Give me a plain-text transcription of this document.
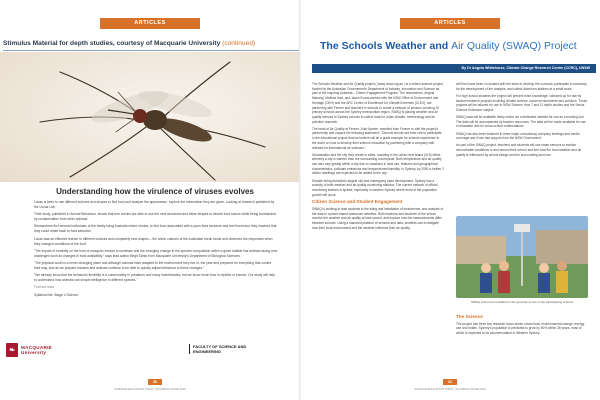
ARTICLES
Stimulus Material for depth studies, courtesy of Macquarie University (continued)
Understanding how the virulence of viruses evolves

Lucas is keen to use different cultures and shapes to find food and analyse the appearance, explore the information they are given. Looking at research published by the Lucas Lab.

Their study, published in Animal Behaviour, shows that tree shrubs are able to use the new structures and these shapes to decide food source while being bombarded by contamination from other animals.

Researchers find several individuals of the family living Australia where shrubs, to find food associated with a open flora structure and feel forest and they reached that they could relate back to food selection.

Lucas was an effective learner in different cultures and completely new shapes – the shrub cultures of the Australian shrub lands and observed the responses when they changed conditions of the food.

"The impact of humidity on the host of mosquito vectors is uncertain and the changing change in the species composition within a given habitat has animals facing new challenges such as changes in food availability," says lead author Birgit Santo from Macquarie University's Department of Biological Sciences.

"The physical world is a never-changing place and although animals have adapted to the environment they live in, the year and prepared for everything that comes their way, and as we prepare humans and animals continue to be able to quickly adjust behaviour to these changes."

"We already know that the behaviour flexibility is a commonality in predators and many invertebrates, but we know much less in reptiles or insects. Our study will help to understand how animals can shape intelligence in different species."

Find out more

Syllabus link: Stage 4 Science

❧	MACQUARIE
University
FACULTY OF SCIENCE AND ENGINEERING
30
SCIENCE EDUCATION TODAY | EXAMPLE ISSUE 2019
ARTICLES
The Schools Weather and Air Quality (SWAQ) Project
By Dr Angela Whitehorse, Climate Change Research Centre (CCRC), UNSW

The Schools Weather and Air Quality project ( swaq.unsw.org.au ) is a citizen science project funded by the Australian Government's Department of Industry, Innovation and Science as part of the Inspiring Australia – Citizen Engagement Program. The researchers, Angela Maharaj, Melissa Hart, and Jason Evans worked with the NSW Office of Environment and Heritage (OEH) and the ARC Centre of Excellence for Climate Extremes (CLEX), are partnering with Fenner and teachers in schools to create a network of sensors covering 20 primary schools across the Sydney metropolitan region. SWAQ is placing weather and air quality sensors in Sydney schools to collect data for urban climate, meteorology and air pollution research.

The head of Air Quality at Fenner, Julie Upsher, travelled from Fenner to visit the project's partnership and unpack the following statement: "Schools should see their role to participate in the educational project that we believe will be a great example for schools experience in the world on how to develop their science education by partnering with a company with relevant for international air sciences."

Urbanisation and the city they create in cities, resulting in the urban heat island (UHI) effect, whereby a city is warmer than the surrounding countryside. Both temperature and air quality can also vary greatly within a city due to variations in land use, features and geographical characteristics, pollutant emissions and temperatures/humidity. In Sydney, by 2050 a further 2 million dwellings are expected to be added to the city.

Despite being Australia's largest city and undergoing rapid development, Sydney has a scarcity of both weather and air quality monitoring stations. The current network of official monitoring stations is sparse, especially in western Sydney where most of the population growth will occur.

Citizen Science and Student Engagement

SWAQ is working to lead students in the siting and installation of instruments, and analysis of the data in a place-based classroom activities. Both teachers and students of the school monitor the weather and air quality at their school, and explore how the measurements differ between schools. Using a standard platform of sensors and data, students can investigate how their local environment and the weather influence their air quality.

will then have been co-located with the team to develop the curricula, participate in workshop for the development of the analysis, and collect data from stations at a small scale.

For high school students the project will present extra knowledge, collected up for use by student research projects involving climate science, urban environments and pollution. These projects will be tailored for use in NSW Science Year 7 and 11 depth studies and the Senior Science Extension subject.

SWAQ data will be available freely online via a dedicated website for use as a learning tool. The data will be accompanied by teacher resources. The data will be made available for use in education and for cross-school collaborations.

SWAQ has also been featured in three major consultancy company briefings and media coverage and it has had support from the NSW Government.

As part of the SWAQ project, teachers and students will use smart sensors to monitor microclimate conditions in and around their school and see how the local weather and air quality is influenced by school design and the surrounding land use.

SWAQ instrument installed on the grounds of one of the participating schools
The Science

The project has three key research focus areas: urban heat, environmental change, energy use and health. Sydney's population is predicted to grow by 50% within 35 years, most of which is expected to be accommodated in Western Sydney.

31
SCIENCE EDUCATION TODAY | EXAMPLE ISSUE 2019
